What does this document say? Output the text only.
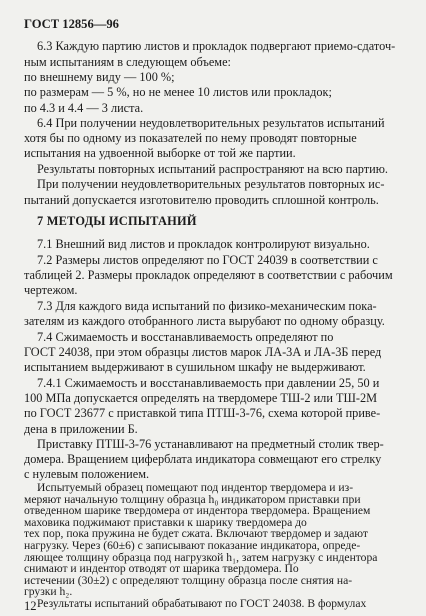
ГОСТ 12856—96
6.3 Каждую партию листов и прокладок подвергают приемо-сдаточ-
ным испытаниям в следующем объеме:
по внешнему виду — 100 %;
по размерам — 5 %, но не менее 10 листов или прокладок;
по 4.3 и 4.4 — 3 листа.
6.4 При получении неудовлетворительных результатов испытаний
хотя бы по одному из показателей по нему проводят повторные
испытания на удвоенной выборке от той же партии.
Результаты повторных испытаний распространяют на всю партию.
При получении неудовлетворительных результатов повторных ис-
пытаний допускается изготовителю проводить сплошной контроль.
7 МЕТОДЫ ИСПЫТАНИЙ
7.1 Внешний вид листов и прокладок контролируют визуально.
7.2 Размеры листов определяют по ГОСТ 24039 в соответствии с
таблицей 2. Размеры прокладок определяют в соответствии с рабочим
чертежом.
7.3 Для каждого вида испытаний по физико-механическим пока-
зателям из каждого отобранного листа вырубают по одному образцу.
7.4 Сжимаемость и восстанавливаемость определяют по
ГОСТ 24038, при этом образцы листов марок ЛА-3А и ЛА-3Б перед
испытанием выдерживают в сушильном шкафу не выдерживают.
7.4.1 Сжимаемость и восстанавливаемость при давлении 25, 50 и
100 МПа допускается определять на твердомере ТШ-2 или ТШ-2М
по ГОСТ 23677 с приставкой типа ПТШ-3-76, схема которой приве-
дена в приложении Б.
Приставку ПТШ-3-76 устанавливают на предметный столик твер-
домера. Вращением циферблата индикатора совмещают его стрелку
с нулевым положением.
Испытуемый образец помещают под индентор твердомера и из-
меряют начальную толщину образца h₀ индикатором приставки при
отведенном шарике твердомера от индентора твердомера. Вращением
маховика поджимают приставки к шарику твердомера до
тех пор, пока пружина не будет сжата. Включают твердомер и задают
нагрузку. Через (60±6) с записывают показание индикатора, опреде-
ляющее толщину образца под нагрузкой h₁, затем нагрузку с индентора
снимают и индентор отводят от шарика твердомера. По
истечении (30±2) с определяют толщину образца после снятия на-
грузки h₂.
Результаты испытаний обрабатывают по ГОСТ 24038. В формулах
12
